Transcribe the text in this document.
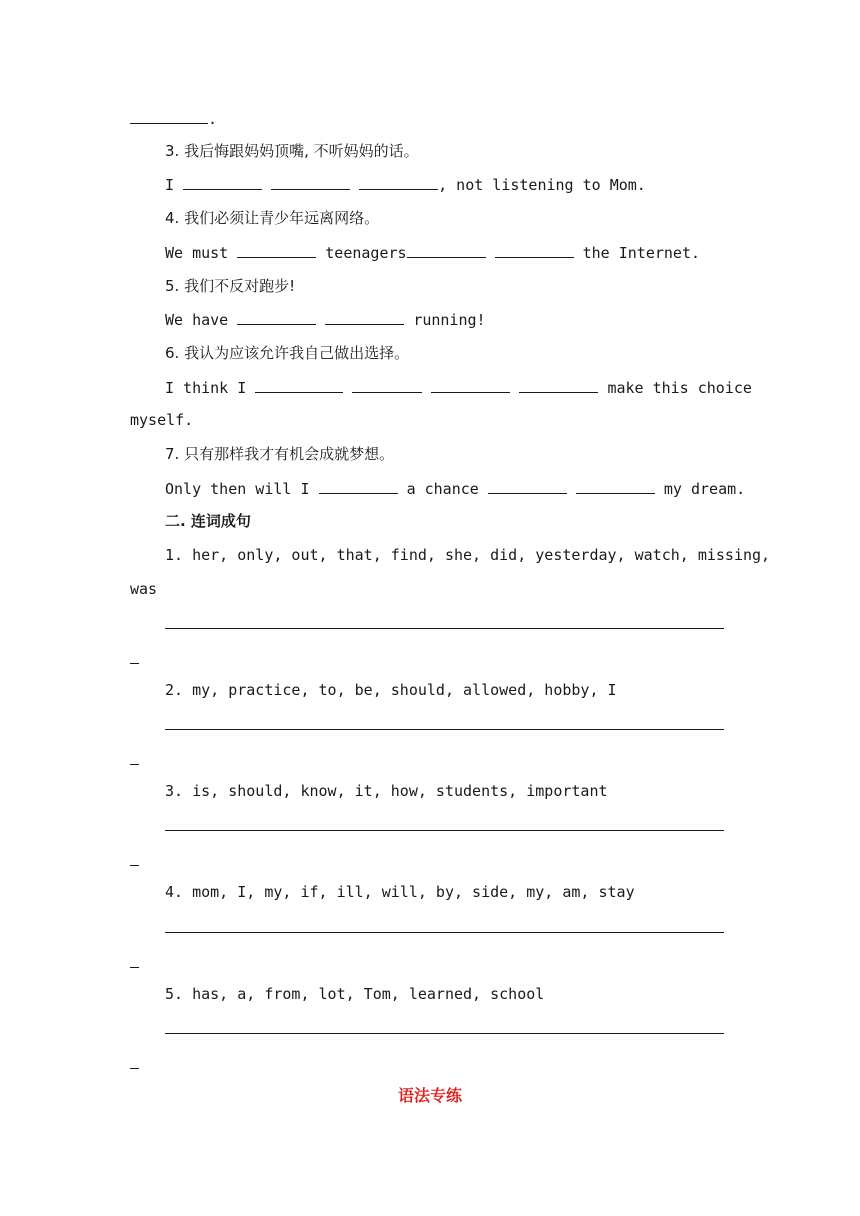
.
3. 我后悔跟妈妈顶嘴, 不听妈妈的话。
I	, not listening to Mom.
4. 我们必须让青少年远离网络。
We must	teenagers	the Internet.
5. 我们不反对跑步!
We have	running!
6. 我认为应该允许我自己做出选择。
I think I	make this choice
myself.
7. 只有那样我才有机会成就梦想。
Only then will I	a chance	my dream.
二. 连词成句
1. her, only, out, that, find, she, did, yesterday, watch, missing,
was
2. my, practice, to, be, should, allowed, hobby, I
3. is, should, know, it, how, students, important
4. mom, I, my, if, ill, will, by, side, my, am, stay
5. has, a, from, lot, Tom, learned, school
语法专练
